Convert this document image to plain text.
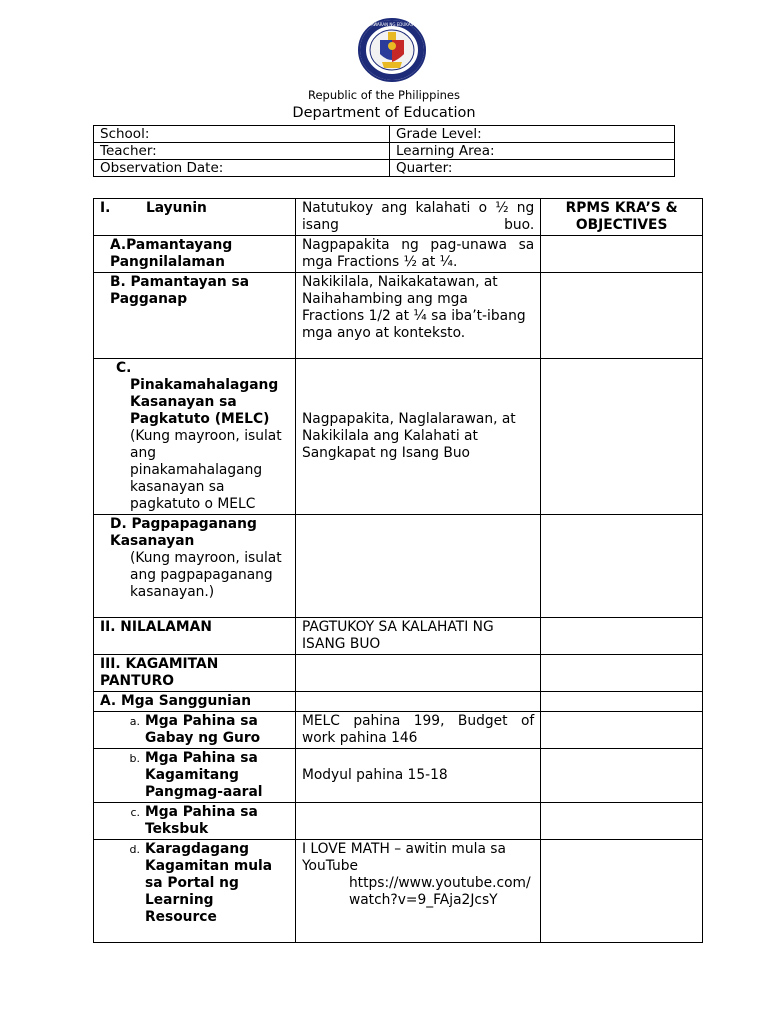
KAGAWARAN NG EDUKASYON
Republic of the Philippines
Department of Education
School:	Grade Level:
Teacher:	Learning Area:
Observation Date:	Quarter:
I. Layunin	Natutukoy ang kalahati o ½ ng isang buo.	RPMS KRA’S & OBJECTIVES

A.Pamantayang Pangnilalaman	Nagpapakita ng pag-unawa sa mga Fractions ½ at ¼.	

B. Pamantayan sa Pagganap	Nakikilala, Naikakatawan, at Naihahambing ang mga Fractions 1/2 at ¼ sa iba’t-ibang mga anyo at konteksto.	

C.
Pinakamahalagang Kasanayan sa Pagkatuto (MELC)
(Kung mayroon, isulat ang pinakamahalagang kasanayan sa pagkatuto o MELC	Nagpapakita, Naglalarawan, at Nakikilala ang Kalahati at Sangkapat ng Isang Buo	

D. Pagpapaganang Kasanayan
(Kung mayroon, isulat ang pagpapaganang kasanayan.)		

II. NILALAMAN	PAGTUKOY SA KALAHATI NG ISANG BUO	
III. KAGAMITAN PANTURO		
A. Mga Sanggunian		

a. Mga Pahina sa Gabay ng Guro	MELC pahina 199, Budget of work pahina 146	

b. Mga Pahina sa Kagamitang Pangmag-aaral	Modyul pahina 15-18	

c. Mga Pahina sa Teksbuk		

d. Karagdagang Kagamitan mula sa Portal ng Learning Resource	I LOVE MATH – awitin mula sa YouTube
https://www.youtube.com/watch?v=9_FAja2JcsY	
